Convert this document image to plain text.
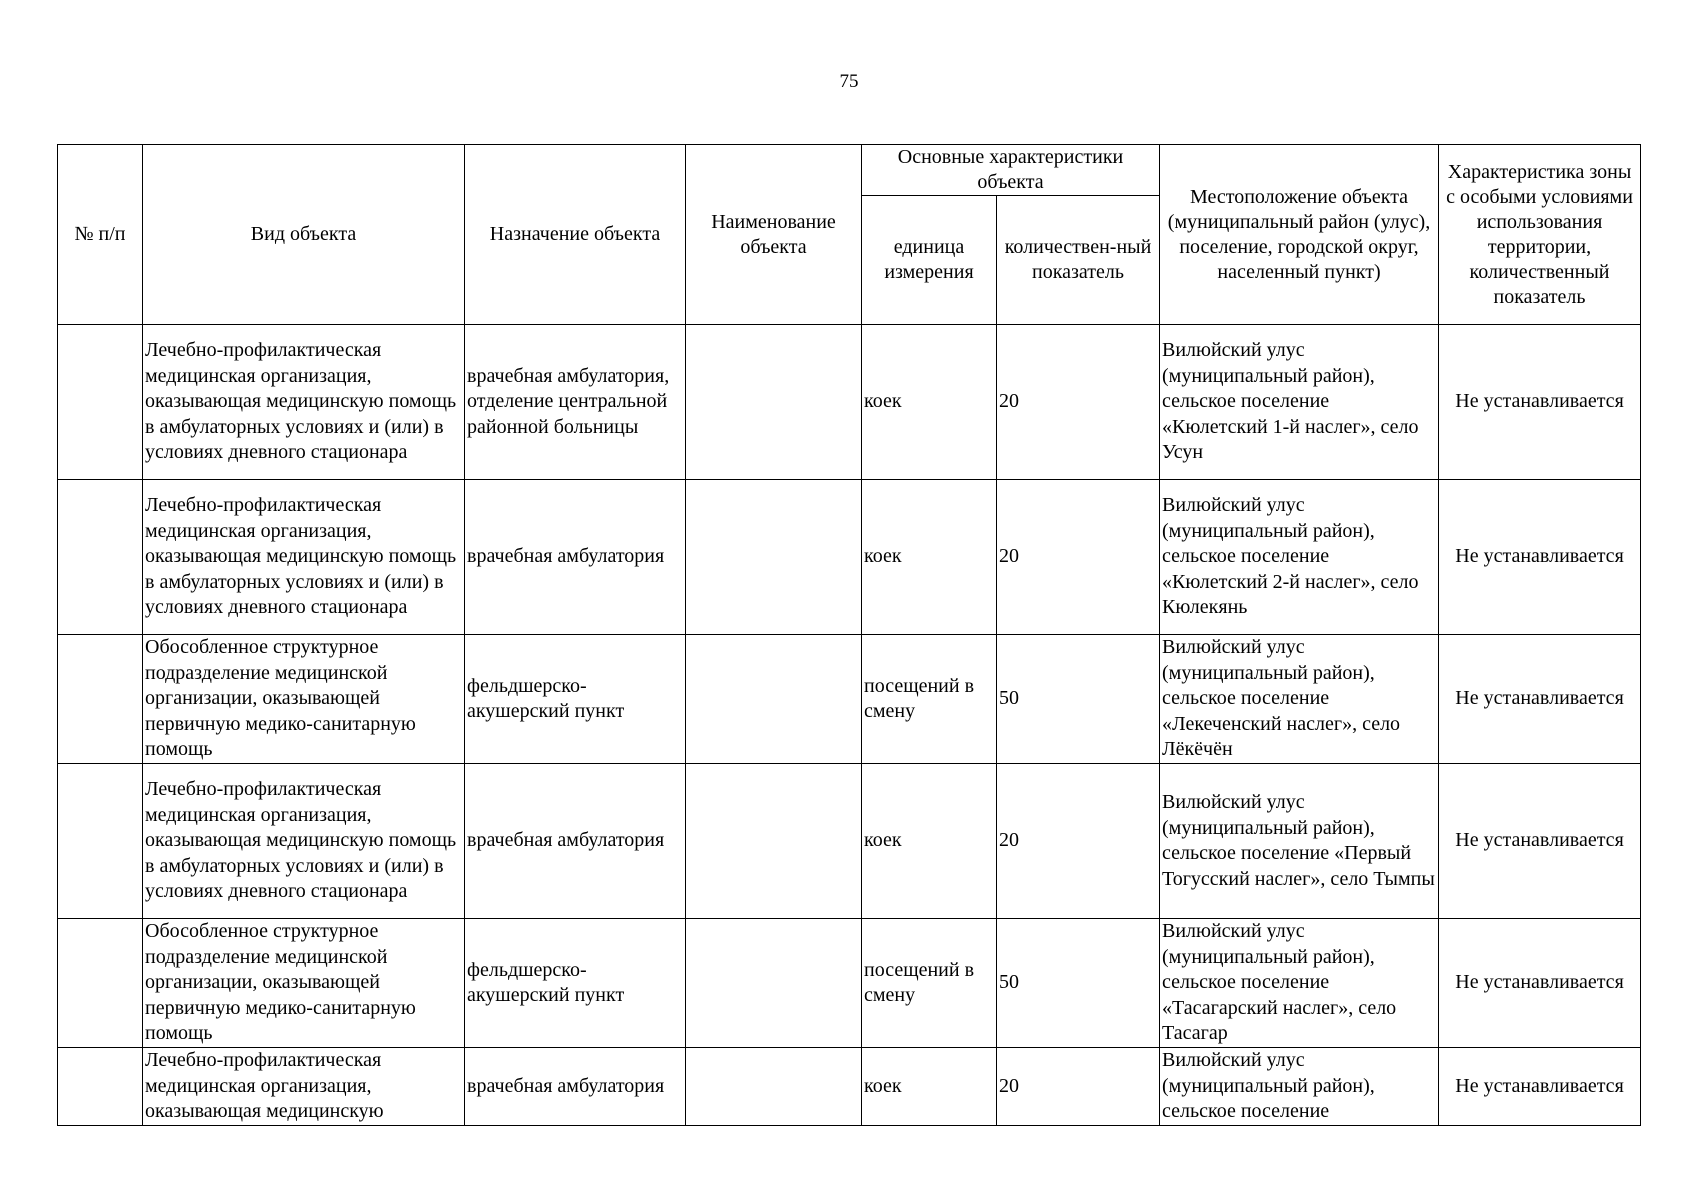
75
№ п/п	Вид объекта	Назначение объекта	Наименование объекта	Основные характеристики объекта		Местоположение объекта (муниципальный район (улус), поселение, городской округ, населенный пункт)	Характеристика зоны с особыми условиями использования территории, количественный показатель
				единица измерения	количествен-ный показатель		
	Лечебно-профилактическая медицинская организация, оказывающая медицинскую помощь в амбулаторных условиях и (или) в условиях дневного стационара	врачебная амбулатория, отделение центральной районной больницы		коек	20	Вилюйский улус (муниципальный район), сельское поселение «Кюлетский 1-й наслег», село Усун	Не устанавливается
	Лечебно-профилактическая медицинская организация, оказывающая медицинскую помощь в амбулаторных условиях и (или) в условиях дневного стационара	врачебная амбулатория		коек	20	Вилюйский улус (муниципальный район), сельское поселение «Кюлетский 2-й наслег», село Кюлекянь	Не устанавливается
	Обособленное структурное подразделение медицинской организации, оказывающей первичную медико-санитарную помощь	фельдшерско-акушерский пункт		посещений в смену	50	Вилюйский улус (муниципальный район), сельское поселение «Лекеченский наслег», село Лёкёчён	Не устанавливается
	Лечебно-профилактическая медицинская организация, оказывающая медицинскую помощь в амбулаторных условиях и (или) в условиях дневного стационара	врачебная амбулатория		коек	20	Вилюйский улус (муниципальный район), сельское поселение «Первый Тогусский наслег», село Тымпы	Не устанавливается
	Обособленное структурное подразделение медицинской организации, оказывающей первичную медико-санитарную помощь	фельдшерско-акушерский пункт		посещений в смену	50	Вилюйский улус (муниципальный район), сельское поселение «Тасагарский наслег», село Тасагар	Не устанавливается
	Лечебно-профилактическая медицинская организация, оказывающая медицинскую	врачебная амбулатория		коек	20	Вилюйский улус (муниципальный район), сельское поселение	Не устанавливается
